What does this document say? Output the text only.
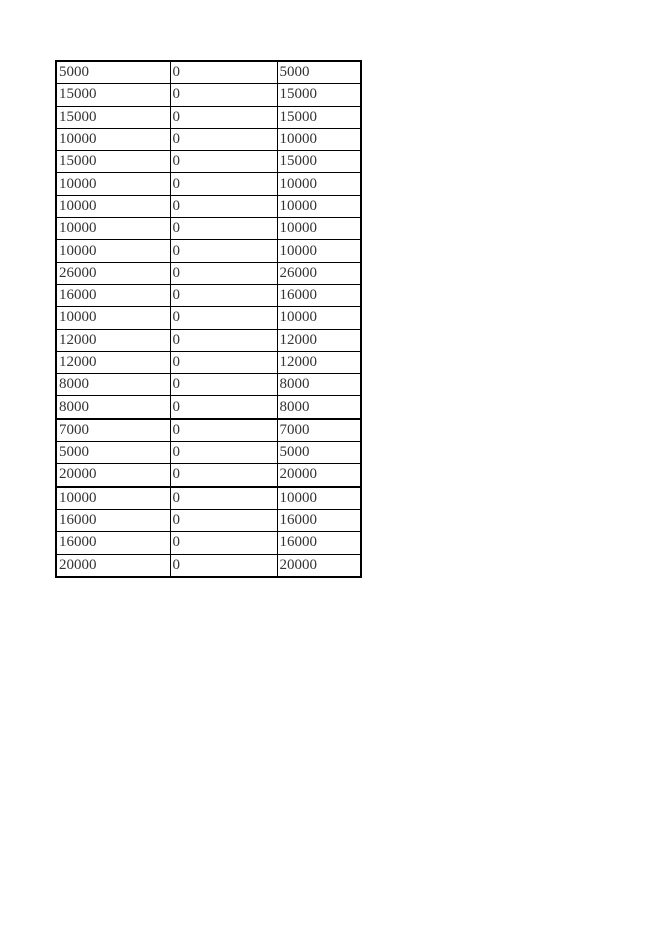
5000	0	5000
15000	0	15000
15000	0	15000
10000	0	10000
15000	0	15000
10000	0	10000
10000	0	10000
10000	0	10000
10000	0	10000
26000	0	26000
16000	0	16000
10000	0	10000
12000	0	12000
12000	0	12000
8000	0	8000
8000	0	8000
7000	0	7000
5000	0	5000
20000	0	20000
10000	0	10000
16000	0	16000
16000	0	16000
20000	0	20000
